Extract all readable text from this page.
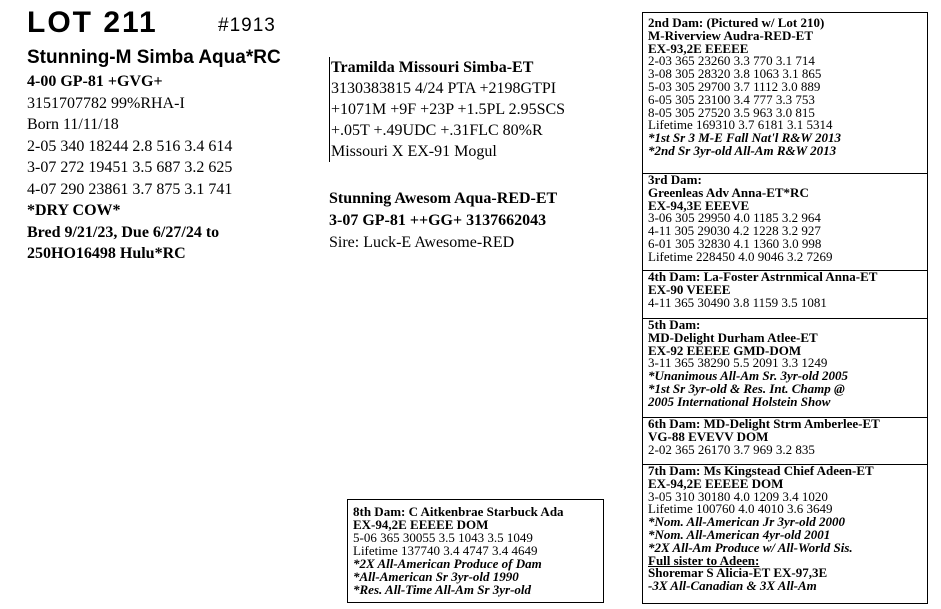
LOT 211	#1913
Stunning-M Simba Aqua*RC
4-00 GP-81 +GVG+
3151707782 99%RHA-I
Born 11/11/18
2-05 340 18244 2.8 516 3.4 614
3-07 272 19451 3.5 687 3.2 625
4-07 290 23861 3.7 875 3.1 741
*DRY COW*
Bred 9/21/23, Due 6/27/24 to
250HO16498 Hulu*RC
Tramilda Missouri Simba-ET
3130383815 4/24 PTA +2198GTPI
+1071M +9F +23P +1.5PL 2.95SCS
+.05T +.49UDC +.31FLC 80%R
Missouri X EX-91 Mogul
Stunning Awesom Aqua-RED-ET
3-07 GP-81 ++GG+ 3137662043
Sire: Luck-E Awesome-RED
2nd Dam: (Pictured w/ Lot 210)
M-Riverview Audra-RED-ET
EX-93,2E EEEEE
2-03 365 23260 3.3 770 3.1 714
3-08 305 28320 3.8 1063 3.1 865
5-03 305 29700 3.7 1112 3.0 889
6-05 305 23100 3.4 777 3.3 753
8-05 305 27520 3.5 963 3.0 815
Lifetime 169310 3.7 6181 3.1 5314
*1st Sr 3 M-E Fall Nat'l R&W 2013
*2nd Sr 3yr-old All-Am R&W 2013
3rd Dam:
Greenleas Adv Anna-ET*RC
EX-94,3E EEEVE
3-06 305 29950 4.0 1185 3.2 964
4-11 305 29030 4.2 1228 3.2 927
6-01 305 32830 4.1 1360 3.0 998
Lifetime 228450 4.0 9046 3.2 7269
4th Dam: La-Foster Astrnmical Anna-ET
EX-90 VEEEE
4-11 365 30490 3.8 1159 3.5 1081
5th Dam:
MD-Delight Durham Atlee-ET
EX-92 EEEEE GMD-DOM
3-11 365 38290 5.5 2091 3.3 1249
*Unanimous All-Am Sr. 3yr-old 2005
*1st Sr 3yr-old & Res. Int. Champ @
2005 International Holstein Show
6th Dam: MD-Delight Strm Amberlee-ET
VG-88 EVEVV DOM
2-02 365 26170 3.7 969 3.2 835
7th Dam: Ms Kingstead Chief Adeen-ET
EX-94,2E EEEEE DOM
3-05 310 30180 4.0 1209 3.4 1020
Lifetime 100760 4.0 4010 3.6 3649
*Nom. All-American Jr 3yr-old 2000
*Nom. All-American 4yr-old 2001
*2X All-Am Produce w/ All-World Sis.
Full sister to Adeen:
Shoremar S Alicia-ET EX-97,3E
-3X All-Canadian & 3X All-Am
8th Dam: C Aitkenbrae Starbuck Ada
EX-94,2E EEEEE DOM
5-06 365 30055 3.5 1043 3.5 1049
Lifetime 137740 3.4 4747 3.4 4649
*2X All-American Produce of Dam
*All-American Sr 3yr-old 1990
*Res. All-Time All-Am Sr 3yr-old
